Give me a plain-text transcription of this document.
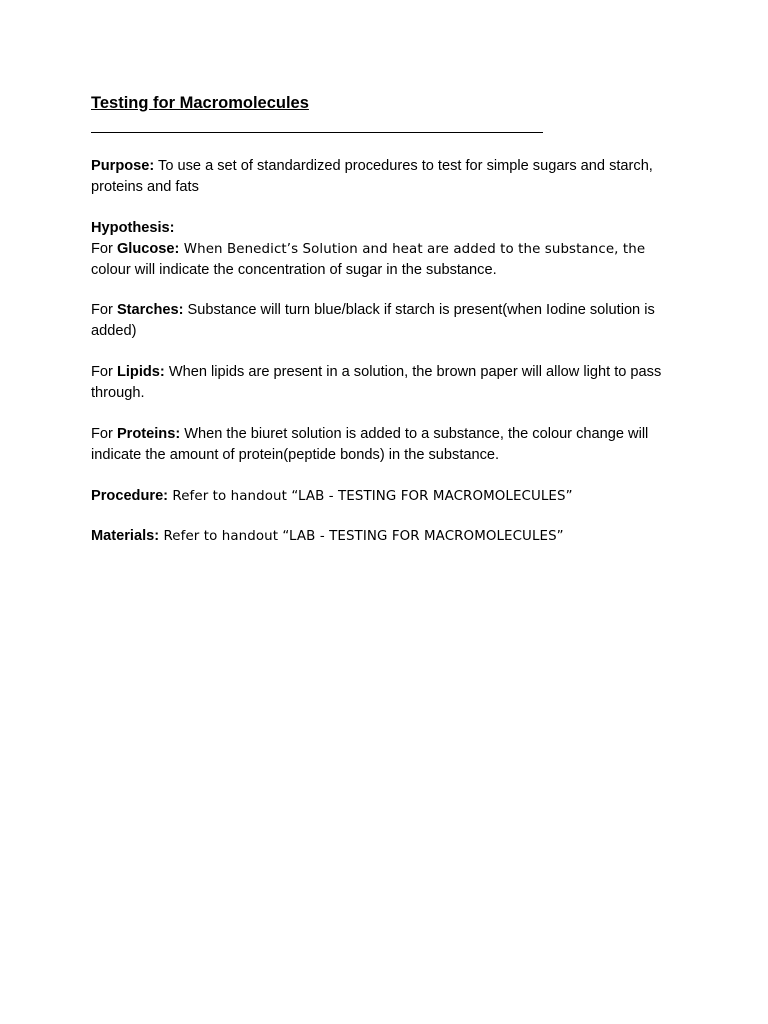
Testing for Macromolecules

Purpose: To use a set of standardized procedures to test for simple sugars and starch, proteins and fats

Hypothesis:
For Glucose: When Benedict’s Solution and heat are added to the substance, the
colour will indicate the concentration of sugar in the substance.

For Starches: Substance will turn blue/black if starch is present(when Iodine solution is added)

For Lipids: When lipids are present in a solution, the brown paper will allow light to pass through.

For Proteins: When the biuret solution is added to a substance, the colour change will indicate the amount of protein(peptide bonds) in the substance.

Procedure: Refer to handout “LAB - TESTING FOR MACROMOLECULES”

Materials: Refer to handout “LAB - TESTING FOR MACROMOLECULES”
